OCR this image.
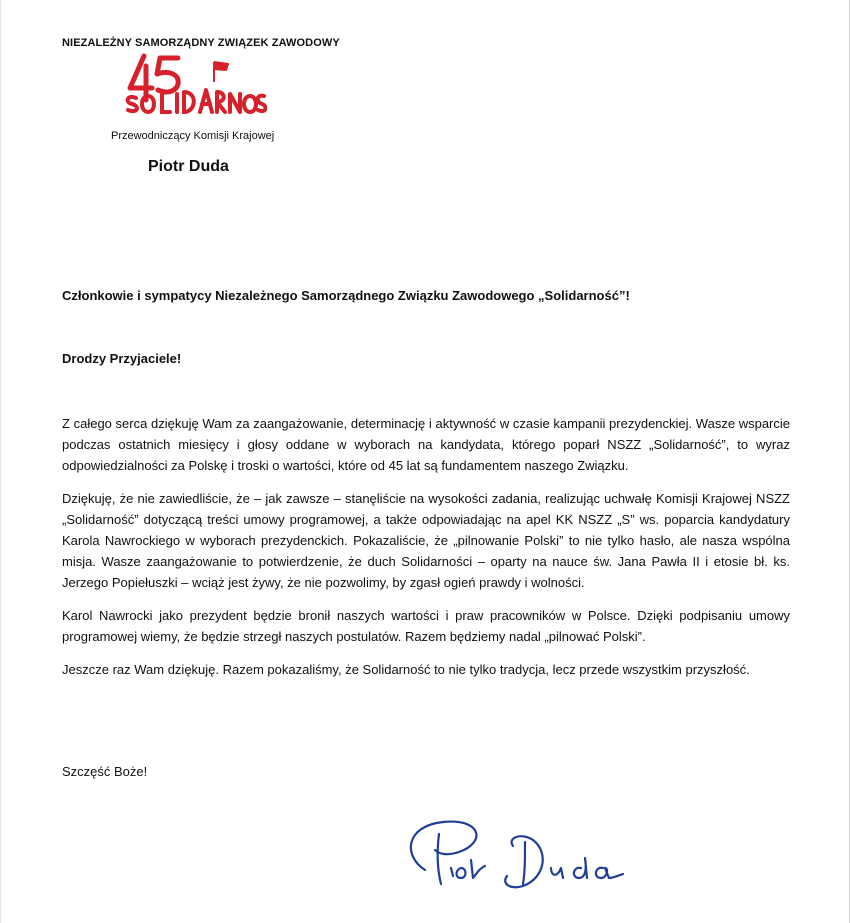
NIEZALEŻNY SAMORZĄDNY ZWIĄZEK ZAWODOWY
Przewodniczący Komisji Krajowej
Piotr Duda
Członkowie i sympatycy Niezależnego Samorządnego Związku Zawodowego „Solidarność”!
Drodzy Przyjaciele!

Z całego serca dziękuję Wam za zaangażowanie, determinację i aktywność w czasie kampanii prezydenckiej. Wasze wsparcie podczas ostatnich miesięcy i głosy oddane w wyborach na kandydata, którego poparł NSZZ „Solidarność”, to wyraz odpowiedzialności za Polskę i troski o wartości, które od 45 lat są fundamentem naszego Związku.

Dziękuję, że nie zawiedliście, że – jak zawsze – stanęliście na wysokości zadania, realizując uchwałę Komisji Krajowej NSZZ „Solidarność” dotyczącą treści umowy programowej, a także odpowiadając na apel KK NSZZ „S” ws. poparcia kandydatury Karola Nawrockiego w wyborach prezydenckich. Pokazaliście, że „pilnowanie Polski” to nie tylko hasło, ale nasza wspólna misja. Wasze zaangażowanie to potwierdzenie, że duch Solidarności – oparty na nauce św. Jana Pawła II i etosie bł. ks. Jerzego Popiełuszki – wciąż jest żywy, że nie pozwolimy, by zgasł ogień prawdy i wolności.

Karol Nawrocki jako prezydent będzie bronił naszych wartości i praw pracowników w Polsce. Dzięki podpisaniu umowy programowej wiemy, że będzie strzegł naszych postulatów. Razem będziemy nadal „pilnować Polski”.

Jeszcze raz Wam dziękuję. Razem pokazaliśmy, że Solidarność to nie tylko tradycja, lecz przede wszystkim przyszłość.

Szczęść Boże!
